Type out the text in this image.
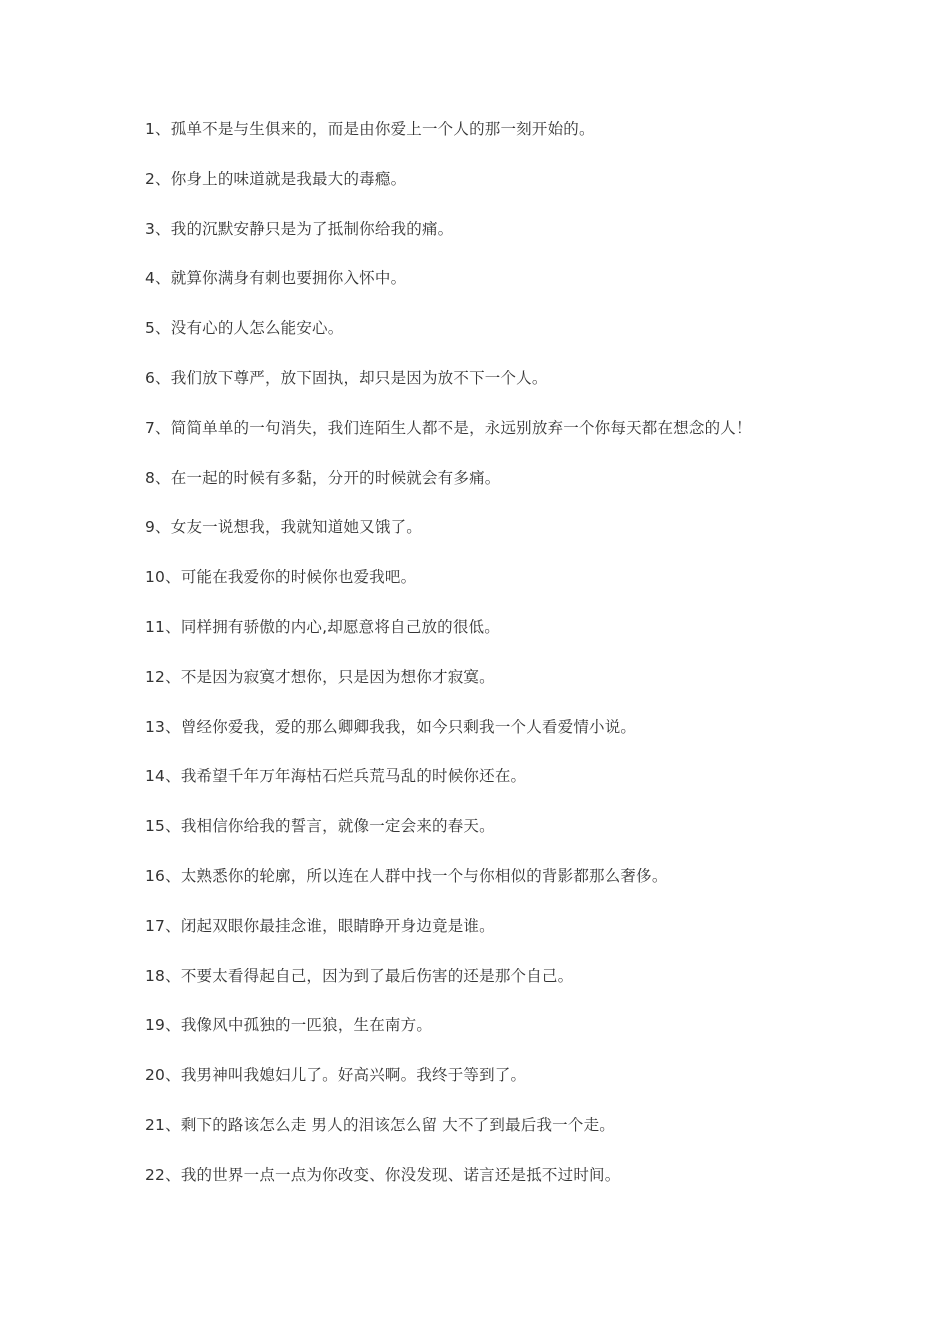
1、孤单不是与生俱来的，而是由你爱上一个人的那一刻开始的。
2、你身上的味道就是我最大的毒瘾。
3、我的沉默安静只是为了抵制你给我的痛。
4、就算你满身有刺也要拥你入怀中。
5、没有心的人怎么能安心。
6、我们放下尊严，放下固执，却只是因为放不下一个人。
7、简简单单的一句消失，我们连陌生人都不是，永远别放弃一个你每天都在想念的人！
8、在一起的时候有多黏，分开的时候就会有多痛。
9、女友一说想我，我就知道她又饿了。
10、可能在我爱你的时候你也爱我吧。
11、同样拥有骄傲的内心,却愿意将自己放的很低。
12、不是因为寂寞才想你，只是因为想你才寂寞。
13、曾经你爱我，爱的那么卿卿我我，如今只剩我一个人看爱情小说。
14、我希望千年万年海枯石烂兵荒马乱的时候你还在。
15、我相信你给我的誓言，就像一定会来的春天。
16、太熟悉你的轮廓，所以连在人群中找一个与你相似的背影都那么奢侈。
17、闭起双眼你最挂念谁，眼睛睁开身边竟是谁。
18、不要太看得起自己，因为到了最后伤害的还是那个自己。
19、我像风中孤独的一匹狼，生在南方。
20、我男神叫我媳妇儿了。好高兴啊。我终于等到了。
21、剩下的路该怎么走 男人的泪该怎么留 大不了到最后我一个走。
22、我的世界一点一点为你改变、你没发现、诺言还是抵不过时间。
